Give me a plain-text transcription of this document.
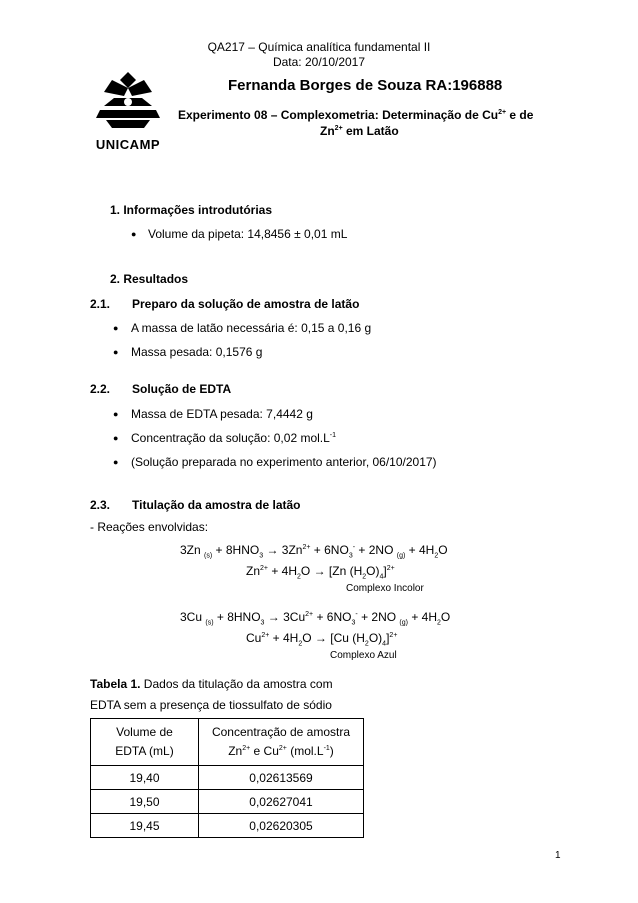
QA217 – Química analítica fundamental II
Data: 20/10/2017
UNICAMP
Fernanda Borges de Souza RA:196888
Experimento 08 – Complexometria: Determinação de $Cu^{2+}$ e de
$Zn^{2+}$ em Latão
1. Informações introdutórias
● Volume da pipeta: 14,8456 ± 0,01 mL
2. Resultados
2.1. Preparo da solução de amostra de latão
● A massa de latão necessária é: 0,15 a 0,16 g
● Massa pesada: 0,1576 g
2.2. Solução de EDTA
● Massa de EDTA pesada: 7,4442 g
● Concentração da solução: 0,02 $mol.L^{-1}$
● (Solução preparada no experimento anterior, 06/10/2017)
2.3. Titulação da amostra de latão
- Reações envolvidas:
3Zn $_{(s)} + 8HNO_3 \to 3Zn^{2+} + 6NO_3^- + 2NO$ $_{(g)} + 4H_2O$
$Zn^{2+} + 4H_2O \to [Zn$ $(H_2O)_4]^{2+}$
Complexo Incolor
3Cu $_{(s)} + 8HNO_3 \to 3Cu^{2+} + 6NO_3^- + 2NO$ $_{(g)} + 4H_2O$
$Cu^{2+} + 4H_2O \to [Cu$ $(H_2O)_4]^{2+}$
Complexo Azul
Tabela 1. Dados da titulação da amostra com
EDTA sem a presença de tiossulfato de sódio
Volume de
EDTA (mL)	Concentração de amostra
$Zn^{2+}$ e $Cu^{2+}$ $(mol.L^{-1})$
19,40	0,02613569
19,50	0,02627041
19,45	0,02620305
1
